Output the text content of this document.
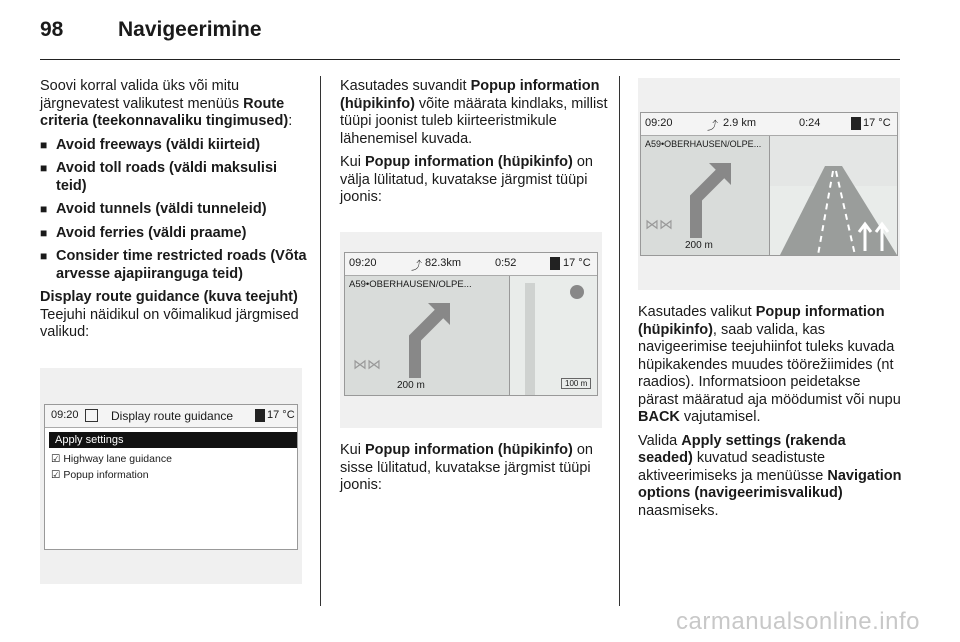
98	Navigeerimine

Soovi korral valida üks või mitu järgnevatest valikutest menüüs Route criteria (teekonnavaliku tingimused):

■ Avoid freeways (väldi kiirteid)
■ Avoid toll roads (väldi maksulisi teid)
■ Avoid tunnels (väldi tunneleid)
■ Avoid ferries (väldi praame)
■ Consider time restricted roads (Võta arvesse ajapiiranguga teid)

Display route guidance (kuva teejuht)
Teejuhi näidikul on võimalikud järgmised valikud:

09:20	Display route guidance	17 °C
Apply settings
☑ Highway lane guidance
☑ Popup information

Kasutades suvandit Popup information (hüpikinfo) võite määrata kindlaks, millist tüüpi joonist tuleb kiirteeristmikule lähenemisel kuvada.

Kui Popup information (hüpikinfo) on välja lülitatud, kuvatakse järgmist tüüpi joonis:

09:20	⤴ 82.3km	0:52	17 °C
A59•OBERHAUSEN/OLPE...
⋈⋈
200 m	100 m

Kui Popup information (hüpikinfo) on sisse lülitatud, kuvatakse järgmist tüüpi joonis:

09:20	⤴ 2.9 km	0:24	17 °C
A59•OBERHAUSEN/OLPE...
⋈⋈
200 m

Kasutades valikut Popup information (hüpikinfo), saab valida, kas navigeerimise teejuhiinfot tuleks kuvada hüpikakendes muudes töörežiimides (nt raadios). Informatsioon peidetakse pärast määratud aja möödumist või nupu BACK vajutamisel.

Valida Apply settings (rakenda seaded) kuvatud seadistuste aktiveerimiseks ja menüüsse Navigation options (navigeerimisvalikud) naasmiseks.

carmanualsonline.info
